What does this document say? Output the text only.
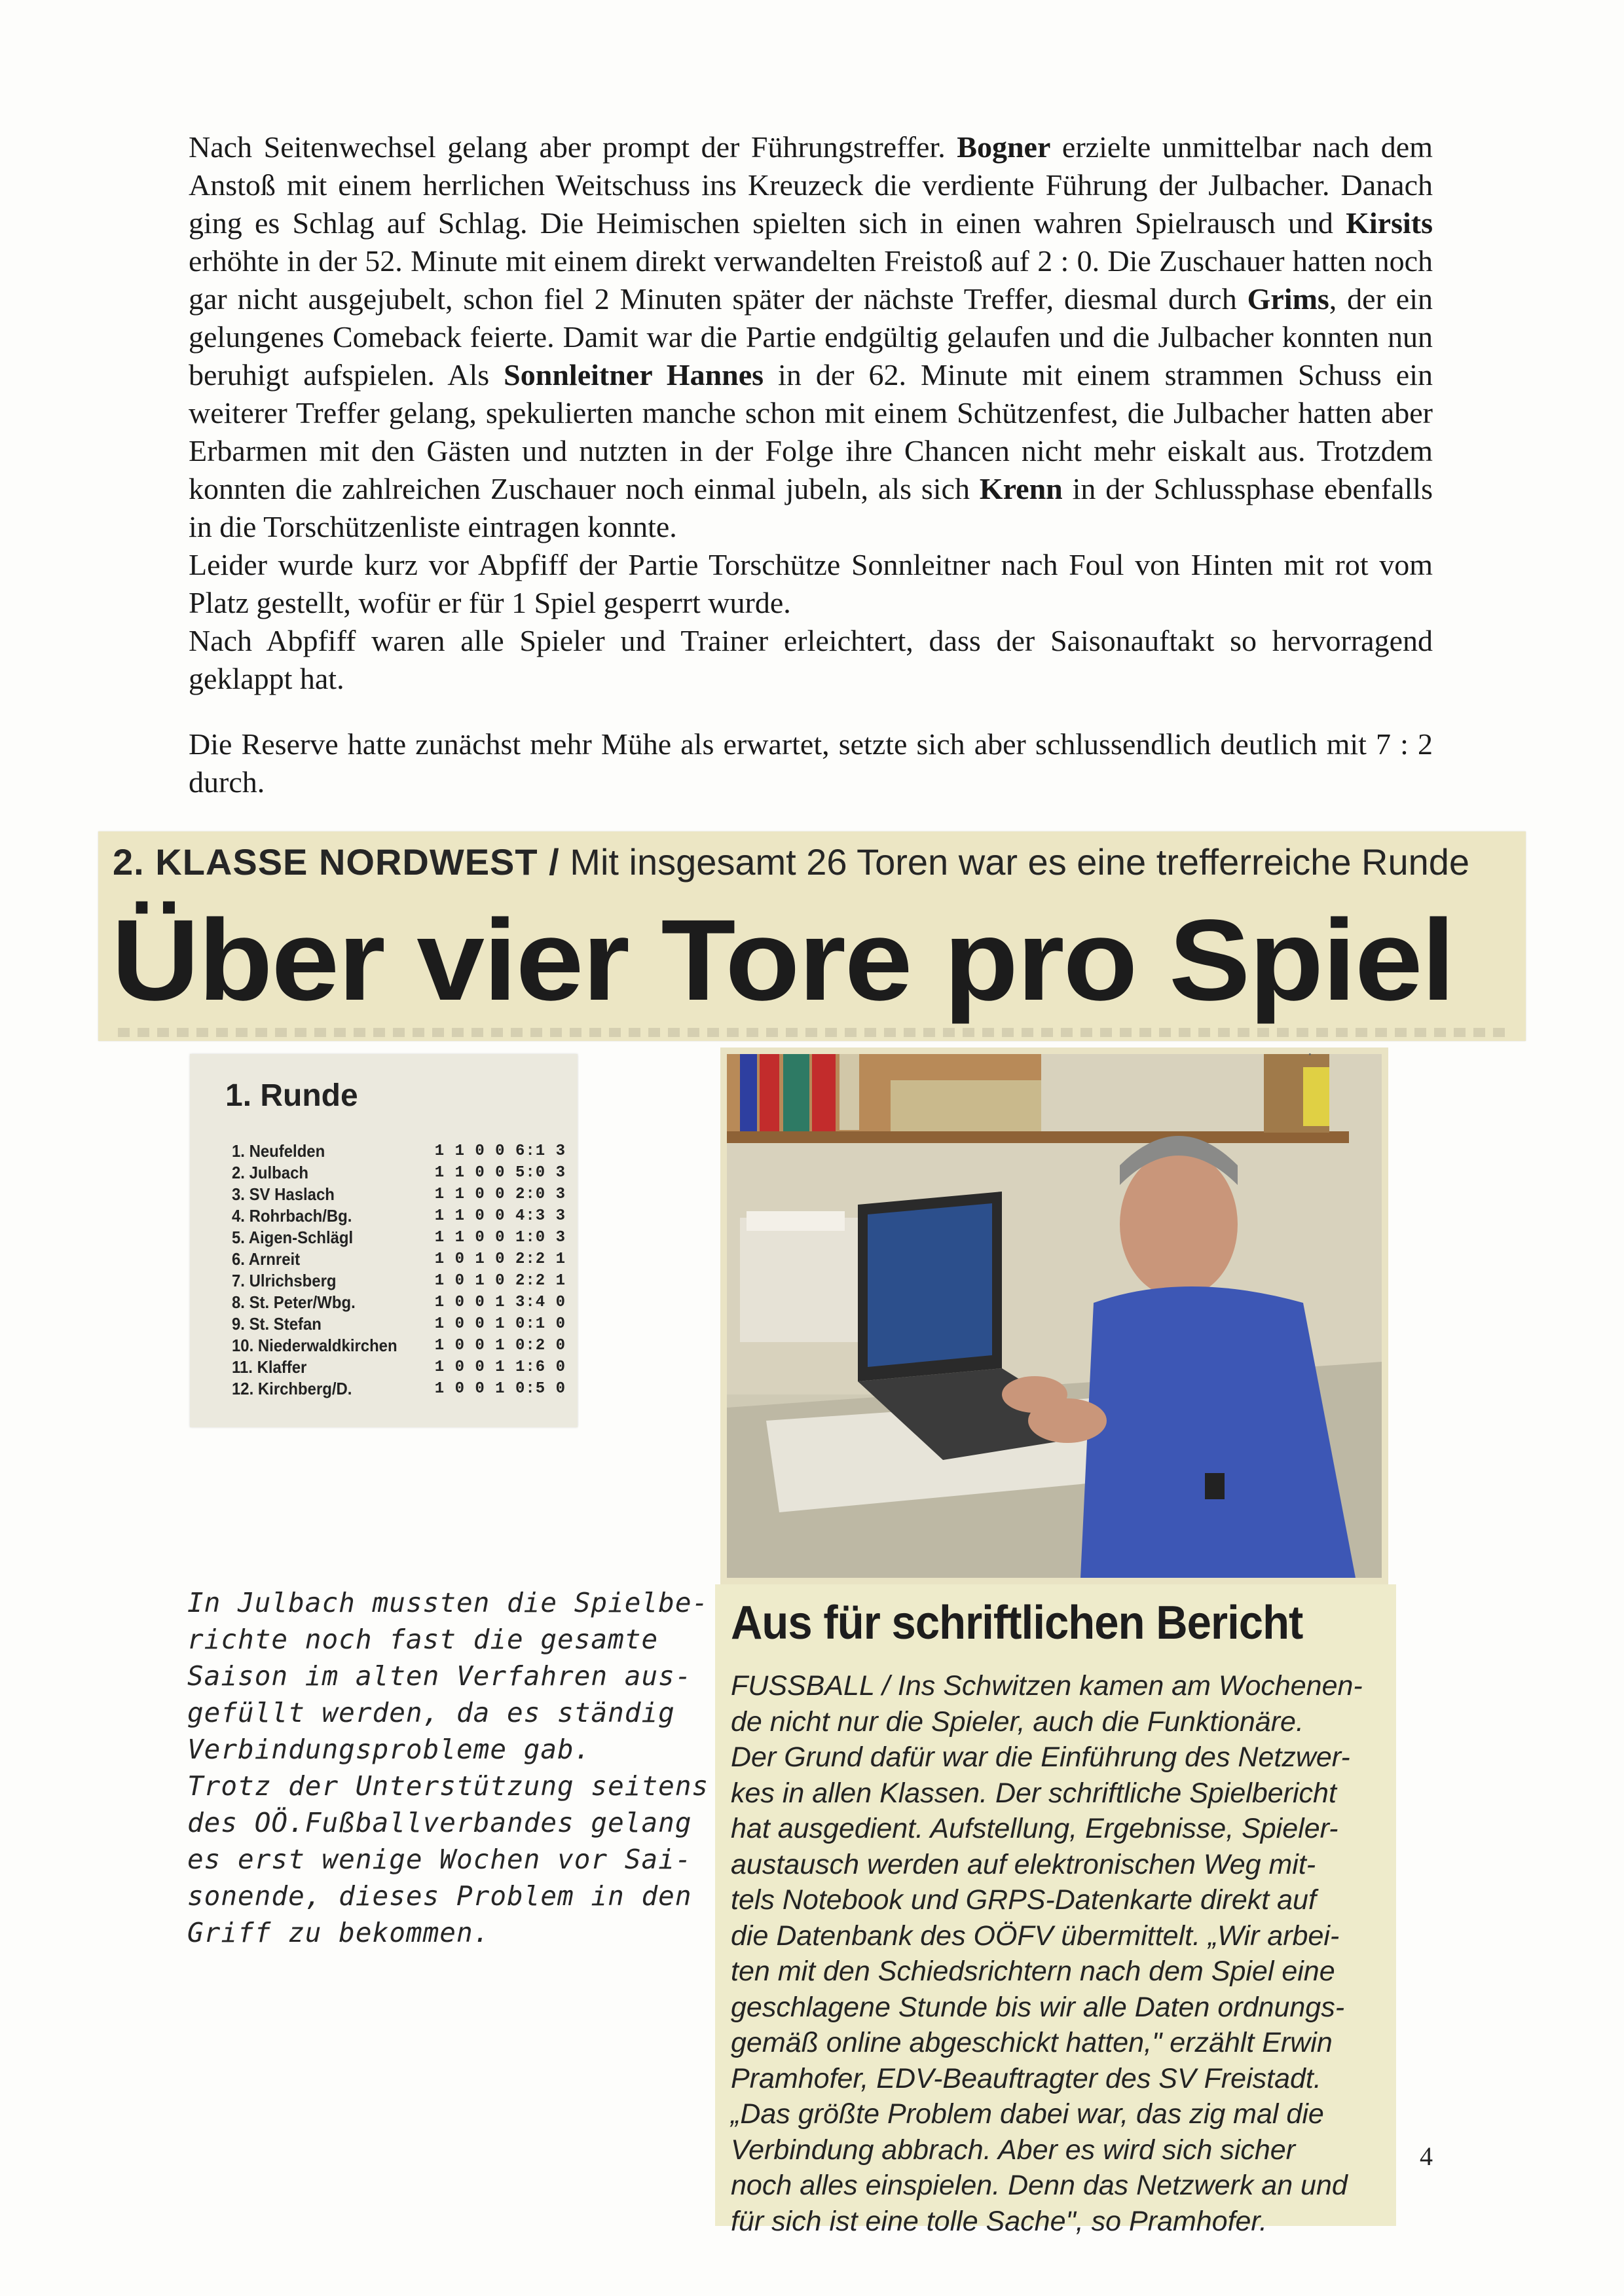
Nach Seitenwechsel gelang aber prompt der Führungstreffer. Bogner erzielte unmittelbar nach dem Anstoß mit einem herrlichen Weitschuss ins Kreuzeck die verdiente Führung der Julbacher. Danach ging es Schlag auf Schlag. Die Heimischen spielten sich in einen wahren Spielrausch und Kirsits erhöhte in der 52. Minute mit einem direkt verwandelten Freistoß auf 2 : 0. Die Zuschauer hatten noch gar nicht ausgejubelt, schon fiel 2 Minuten später der nächste Treffer, diesmal durch Grims, der ein gelungenes Comeback feierte. Damit war die Partie endgültig gelaufen und die Julbacher konnten nun beruhigt aufspielen. Als Sonnleitner Hannes in der 62. Minute mit einem strammen Schuss ein weiterer Treffer gelang, spekulierten manche schon mit einem Schützenfest, die Julbacher hatten aber Erbarmen mit den Gästen und nutzten in der Folge ihre Chancen nicht mehr eiskalt aus. Trotzdem konnten die zahlreichen Zuschauer noch einmal jubeln, als sich Krenn in der Schlussphase ebenfalls in die Torschützenliste eintragen konnte.

Leider wurde kurz vor Abpfiff der Partie Torschütze Sonnleitner nach Foul von Hinten mit rot vom Platz gestellt, wofür er für 1 Spiel gesperrt wurde.

Nach Abpfiff waren alle Spieler und Trainer erleichtert, dass der Saisonauftakt so hervorragend geklappt hat.

Die Reserve hatte zunächst mehr Mühe als erwartet, setzte sich aber schlussendlich deutlich mit 7 : 2 durch.

2. KLASSE NORDWEST / Mit insgesamt 26 Toren war es eine trefferreiche Runde
Über vier Tore pro Spiel
1. Runde
1. Neufelden	1 1 0 0 6:1 3
2. Julbach	1 1 0 0 5:0 3
3. SV Haslach	1 1 0 0 2:0 3
4. Rohrbach/Bg.	1 1 0 0 4:3 3
5. Aigen-Schlägl	1 1 0 0 1:0 3
6. Arnreit	1 0 1 0 2:2 1
7. Ulrichsberg	1 0 1 0 2:2 1
8. St. Peter/Wbg.	1 0 0 1 3:4 0
9. St. Stefan	1 0 0 1 0:1 0
10. Niederwaldkirchen 1 0 0 1 0:2 0
11. Klaffer	1 0 0 1 1:6 0
12. Kirchberg/D.	1 0 0 1 0:5 0
·
In Julbach mussten die Spielbe-
richte noch fast die gesamte
Saison im alten Verfahren aus-
gefüllt werden, da es ständig
Verbindungsprobleme gab.
Trotz der Unterstützung seitens
des OÖ.Fußballverbandes gelang
es erst wenige Wochen vor Sai-
sonende, dieses Problem in den
Griff zu bekommen.
Aus für schriftlichen Bericht
FUSSBALL / Ins Schwitzen kamen am Wochenen-
de nicht nur die Spieler, auch die Funktionäre.
Der Grund dafür war die Einführung des Netzwer-
kes in allen Klassen. Der schriftliche Spielbericht
hat ausgedient. Aufstellung, Ergebnisse, Spieler-
austausch werden auf elektronischen Weg mit-
tels Notebook und GRPS-Datenkarte direkt auf
die Datenbank des OÖFV übermittelt. „Wir arbei-
ten mit den Schiedsrichtern nach dem Spiel eine
geschlagene Stunde bis wir alle Daten ordnungs-
gemäß online abgeschickt hatten," erzählt Erwin
Pramhofer, EDV-Beauftragter des SV Freistadt.
„Das größte Problem dabei war, das zig mal die
Verbindung abbrach. Aber es wird sich sicher
noch alles einspielen. Denn das Netzwerk an und
für sich ist eine tolle Sache", so Pramhofer.
4
